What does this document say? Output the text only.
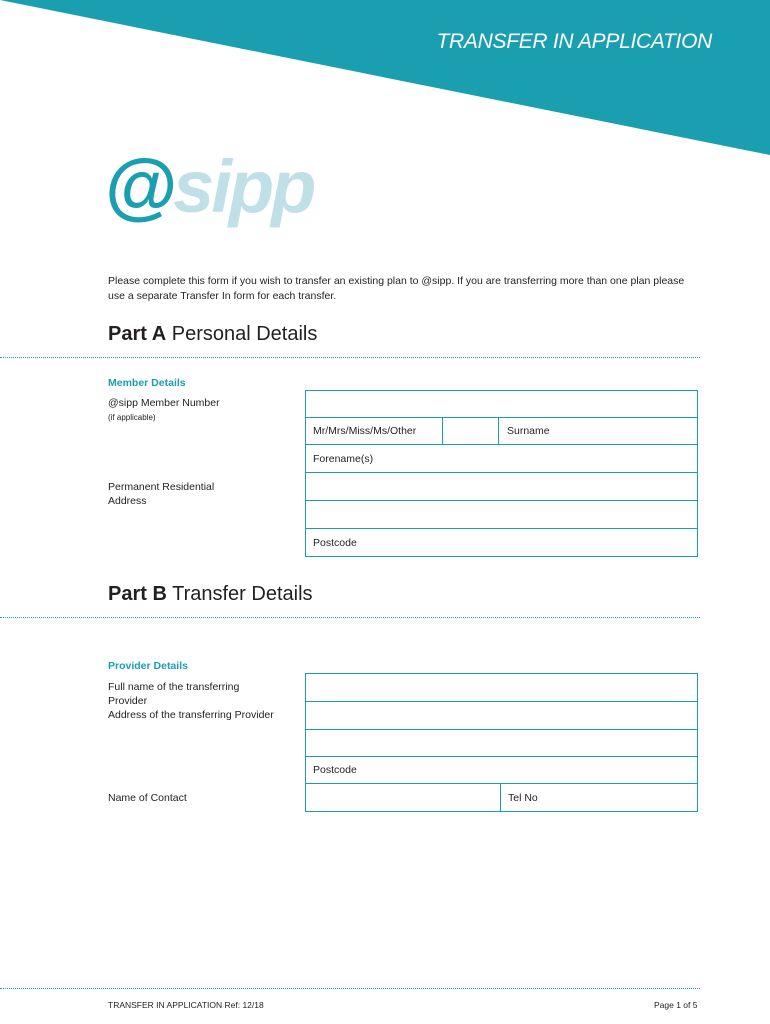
TRANSFER IN APPLICATION
@sipp
Please complete this form if you wish to transfer an existing plan to @sipp. If you are transferring more than one plan please use a separate Transfer In form for each transfer.
Part A Personal Details
Member Details
@sipp Member Number
(if applicable)
Mr/Mrs/Miss/Ms/Other	Surname
Forename(s)
Permanent Residential Address
Postcode
Part B Transfer Details
Provider Details
Full name of the transferring Provider
Address of the transferring Provider
Postcode
Name of Contact	Tel No
TRANSFER IN APPLICATION Ref: 12/18	Page 1 of 5
